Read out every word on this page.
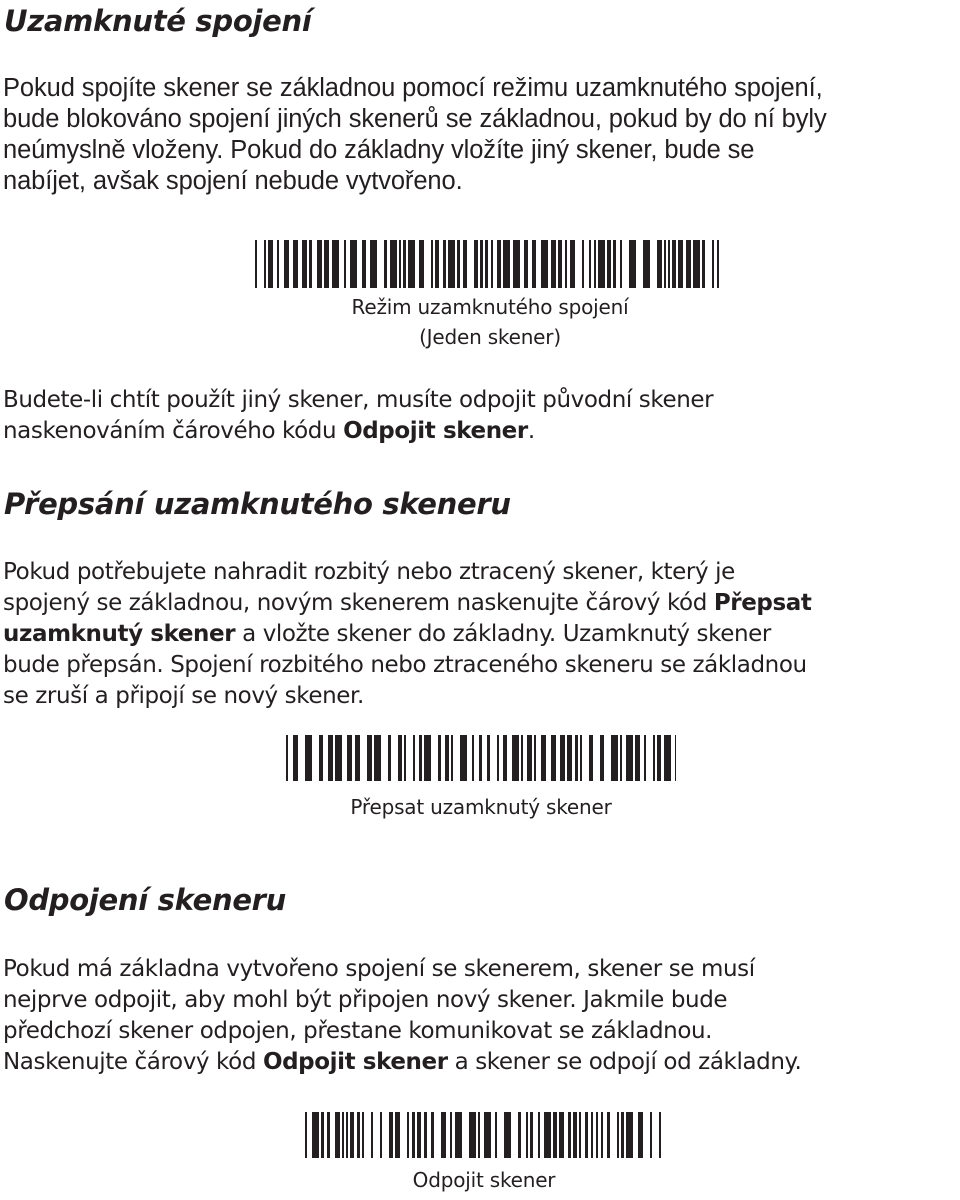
Uzamknuté spojení

Pokud spojíte skener se základnou pomocí režimu uzamknutého spojení,
bude blokováno spojení jiných skenerů se základnou, pokud by do ní byly
neúmyslně vloženy. Pokud do základny vložíte jiný skener, bude se
nabíjet, avšak spojení nebude vytvořeno.

Režim uzamknutého spojení
(Jeden skener)

Budete-li chtít použít jiný skener, musíte odpojit původní skener
naskenováním čárového kódu Odpojit skener.

Přepsání uzamknutého skeneru

Pokud potřebujete nahradit rozbitý nebo ztracený skener, který je
spojený se základnou, novým skenerem naskenujte čárový kód Přepsat
uzamknutý skener a vložte skener do základny. Uzamknutý skener
bude přepsán. Spojení rozbitého nebo ztraceného skeneru se základnou
se zruší a připojí se nový skener.

Přepsat uzamknutý skener

Odpojení skeneru

Pokud má základna vytvořeno spojení se skenerem, skener se musí
nejprve odpojit, aby mohl být připojen nový skener. Jakmile bude
předchozí skener odpojen, přestane komunikovat se základnou.
Naskenujte čárový kód Odpojit skener a skener se odpojí od základny.

Odpojit skener
